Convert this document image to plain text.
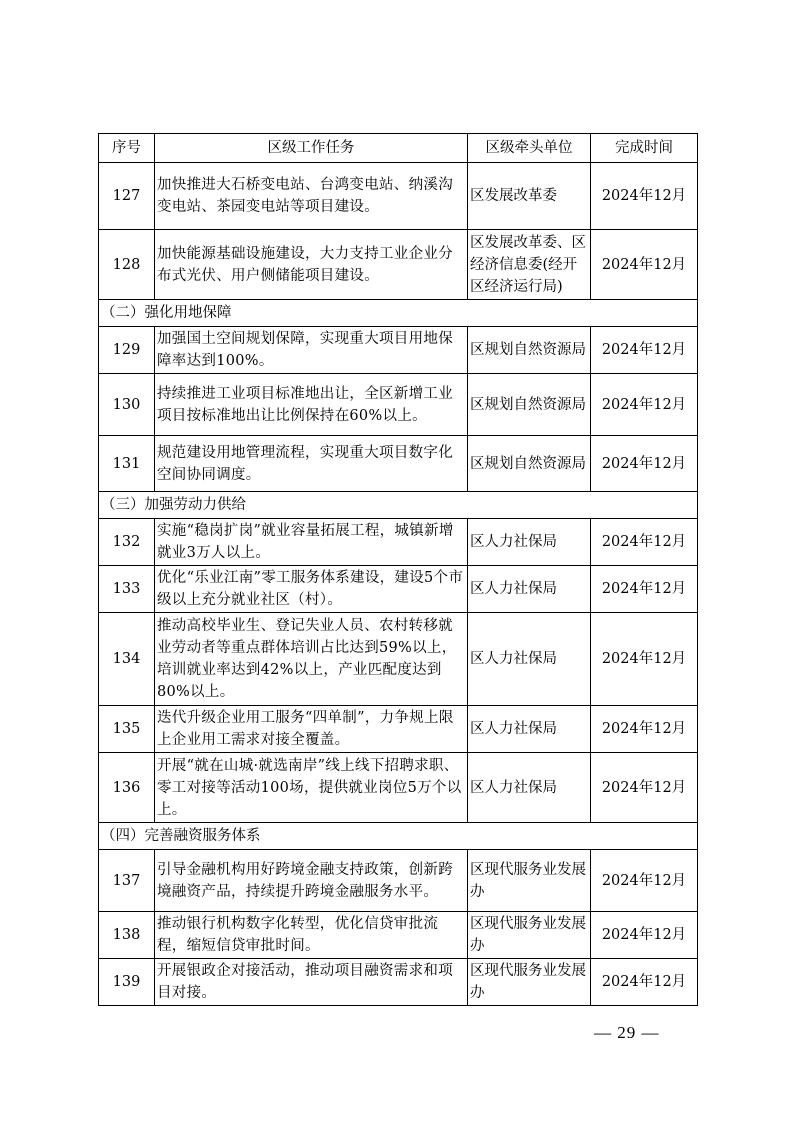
序号	区级工作任务	区级牵头单位	完成时间
127	加快推进大石桥变电站、台鸿变电站、纳溪沟变电站、茶园变电站等项目建设。	区发展改革委	2024年12月
128	加快能源基础设施建设，大力支持工业企业分布式光伏、用户侧储能项目建设。	区发展改革委、区经济信息委(经开区经济运行局)	2024年12月
（二）强化用地保障			
129	加强国土空间规划保障，实现重大项目用地保障率达到100%。	区规划自然资源局	2024年12月
130	持续推进工业项目标准地出让，全区新增工业项目按标准地出让比例保持在60%以上。	区规划自然资源局	2024年12月
131	规范建设用地管理流程，实现重大项目数字化空间协同调度。	区规划自然资源局	2024年12月
（三）加强劳动力供给			
132	实施“稳岗扩岗”就业容量拓展工程，城镇新增就业3万人以上。	区人力社保局	2024年12月
133	优化“乐业江南”零工服务体系建设，建设5个市级以上充分就业社区（村）。	区人力社保局	2024年12月
134	推动高校毕业生、登记失业人员、农村转移就业劳动者等重点群体培训占比达到59%以上，培训就业率达到42%以上，产业匹配度达到80%以上。	区人力社保局	2024年12月
135	迭代升级企业用工服务“四单制”，力争规上限上企业用工需求对接全覆盖。	区人力社保局	2024年12月
136	开展“就在山城·就选南岸”线上线下招聘求职、零工对接等活动100场，提供就业岗位5万个以上。	区人力社保局	2024年12月
（四）完善融资服务体系			
137	引导金融机构用好跨境金融支持政策，创新跨境融资产品，持续提升跨境金融服务水平。	区现代服务业发展办	2024年12月
138	推动银行机构数字化转型，优化信贷审批流程，缩短信贷审批时间。	区现代服务业发展办	2024年12月
139	开展银政企对接活动，推动项目融资需求和项目对接。	区现代服务业发展办	2024年12月
— 29 —
